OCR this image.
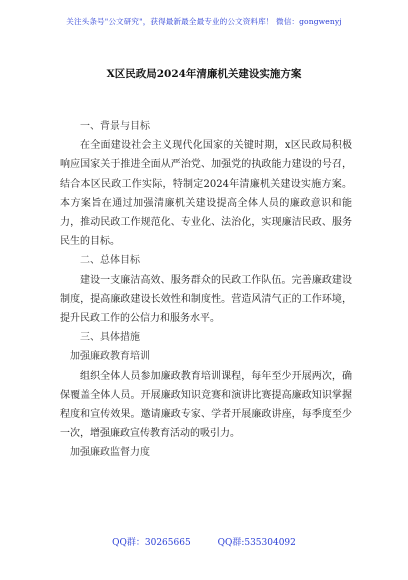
关注头条号"公文研究"，获得最新最全最专业的公文资料库！ 微信：gongwenyj
X区民政局2024年清廉机关建设实施方案

一、背景与目标

在全面建设社会主义现代化国家的关键时期，x区民政局积极响应国家关于推进全面从严治党、加强党的执政能力建设的号召，结合本区民政工作实际，特制定2024年清廉机关建设实施方案。本方案旨在通过加强清廉机关建设提高全体人员的廉政意识和能力，推动民政工作规范化、专业化、法治化，实现廉洁民政、服务民生的目标。

二、总体目标

建设一支廉洁高效、服务群众的民政工作队伍。完善廉政建设制度，提高廉政建设长效性和制度性。营造风清气正的工作环境，提升民政工作的公信力和服务水平。

三、具体措施

加强廉政教育培训

组织全体人员参加廉政教育培训课程，每年至少开展两次，确保覆盖全体人员。开展廉政知识竞赛和演讲比赛提高廉政知识掌握程度和宣传效果。邀请廉政专家、学者开展廉政讲座，每季度至少一次，增强廉政宣传教育活动的吸引力。

加强廉政监督力度

QQ群：30265665	QQ群:535304092
